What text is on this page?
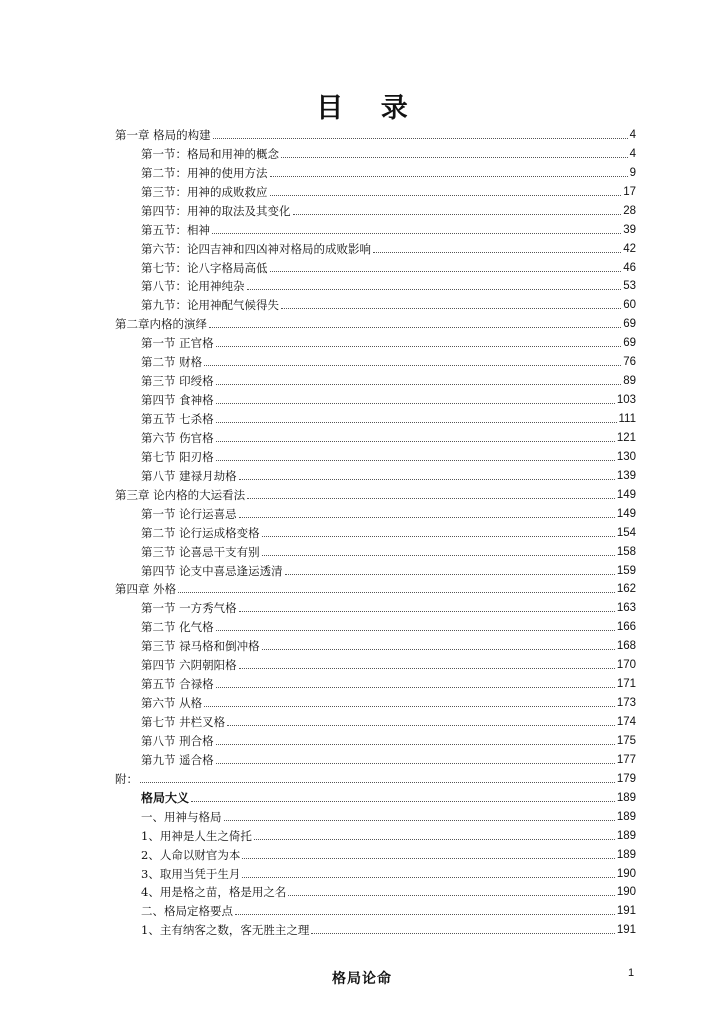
目 录
第一章 格局的构建	4
第一节：格局和用神的概念	4
第二节：用神的使用方法	9
第三节：用神的成败救应	17
第四节：用神的取法及其变化	28
第五节：相神	39
第六节：论四吉神和四凶神对格局的成败影响	42
第七节：论八字格局高低	46
第八节：论用神纯杂	53
第九节：论用神配气候得失	60
第二章内格的演绎	69
第一节 正官格	69
第二节 财格	76
第三节 印绶格	89
第四节 食神格	103
第五节 七杀格	111
第六节 伤官格	121
第七节 阳刃格	130
第八节 建禄月劫格	139
第三章 论内格的大运看法	149
第一节 论行运喜忌	149
第二节 论行运成格变格	154
第三节 论喜忌干支有别	158
第四节 论支中喜忌逢运透清	159
第四章 外格	162
第一节 一方秀气格	163
第二节 化气格	166
第三节 禄马格和倒冲格	168
第四节 六阴朝阳格	170
第五节 合禄格	171
第六节 从格	173
第七节 井栏叉格	174
第八节 刑合格	175
第九节 遥合格	177
附：	179
格局大义	189
一、用神与格局	189
1、用神是人生之倚托	189
2、人命以财官为本	189
3、取用当凭于生月	190
4、用是格之苗，格是用之名	190
二、格局定格要点	191
1、主有纳客之数，客无胜主之理	191
格局论命	1
